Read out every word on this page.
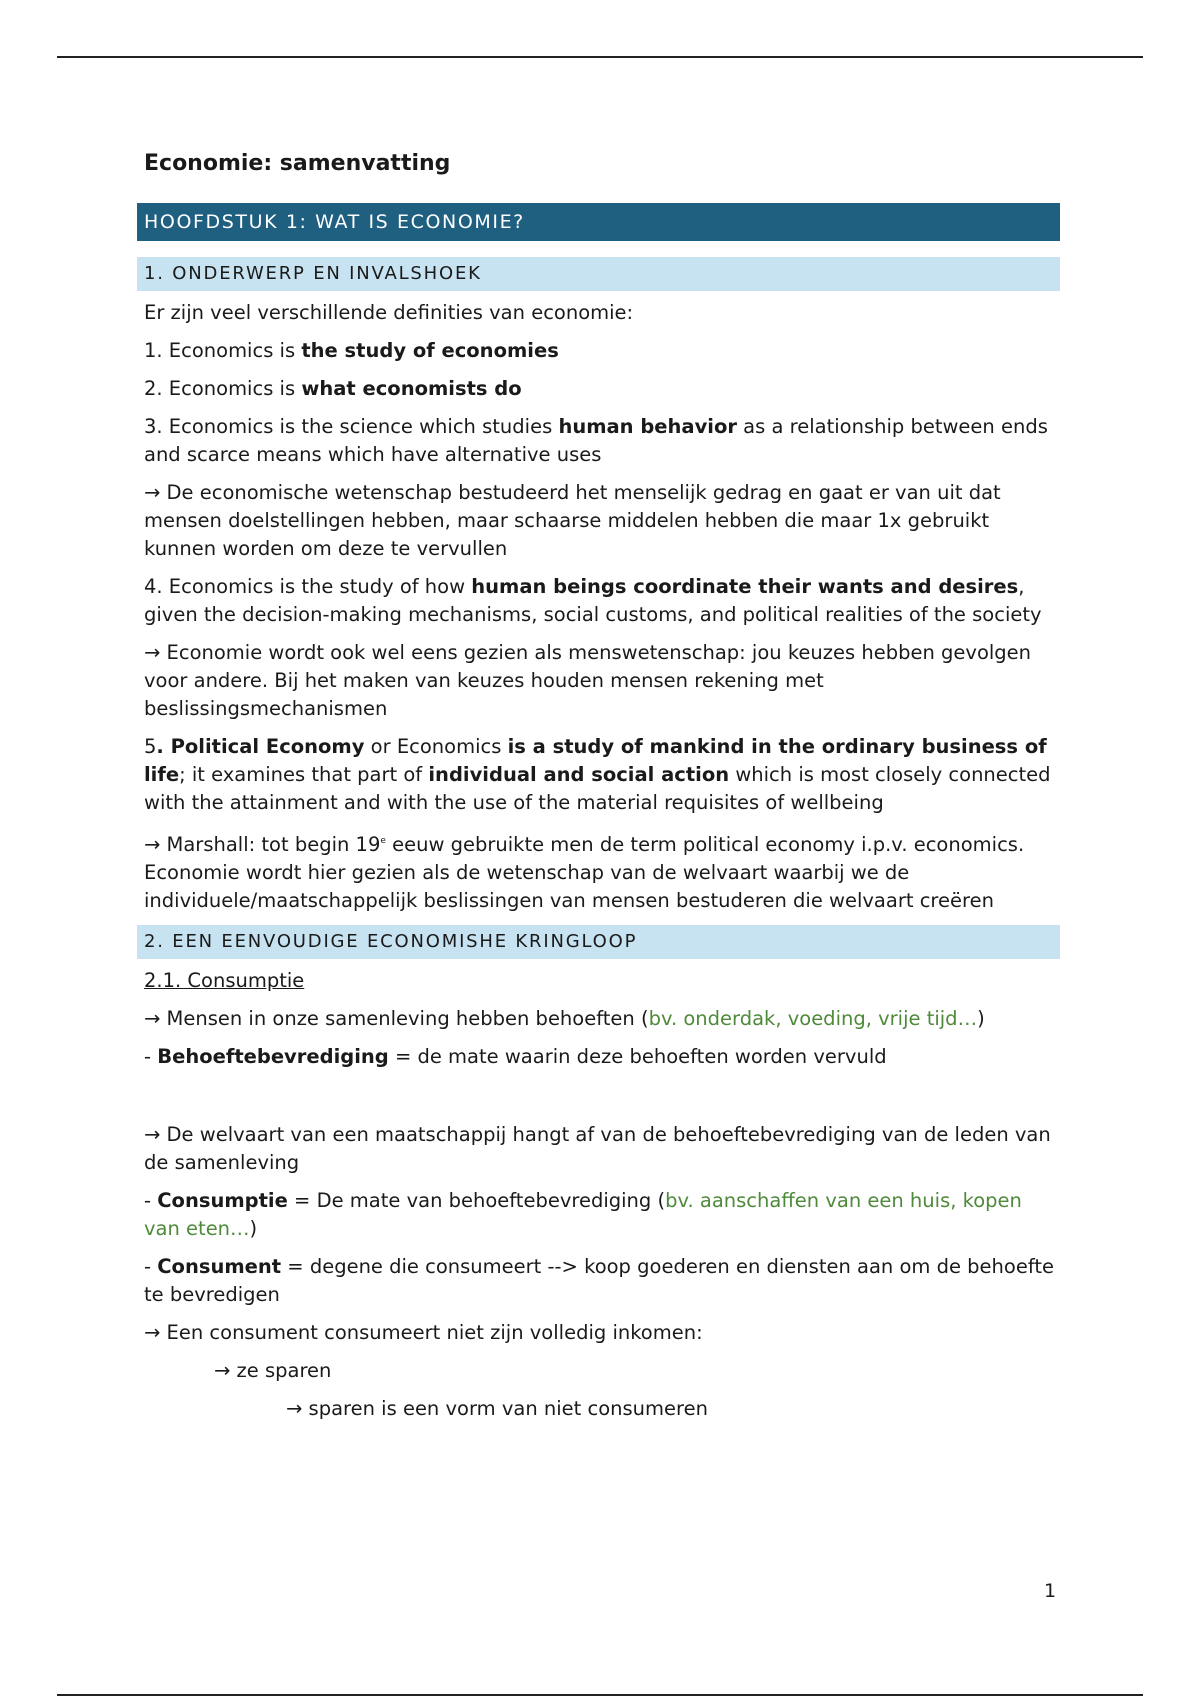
Economie: samenvatting
HOOFDSTUK 1: WAT IS ECONOMIE?
1. ONDERWERP EN INVALSHOEK
Er zijn veel verschillende definities van economie:
1. Economics is the study of economies
2. Economics is what economists do
3. Economics is the science which studies human behavior as a relationship between ends and scarce means which have alternative uses
→ De economische wetenschap bestudeerd het menselijk gedrag en gaat er van uit dat mensen doelstellingen hebben, maar schaarse middelen hebben die maar 1x gebruikt kunnen worden om deze te vervullen
4. Economics is the study of how human beings coordinate their wants and desires, given the decision-making mechanisms, social customs, and political realities of the society
→ Economie wordt ook wel eens gezien als menswetenschap: jou keuzes hebben gevolgen voor andere. Bij het maken van keuzes houden mensen rekening met beslissingsmechanismen
5. Political Economy or Economics is a study of mankind in the ordinary business of life; it examines that part of individual and social action which is most closely connected with the attainment and with the use of the material requisites of wellbeing
→ Marshall: tot begin 19e eeuw gebruikte men de term political economy i.p.v. economics. Economie wordt hier gezien als de wetenschap van de welvaart waarbij we de individuele/maatschappelijk beslissingen van mensen bestuderen die welvaart creëren
2. EEN EENVOUDIGE ECONOMISHE KRINGLOOP
2.1. Consumptie
→ Mensen in onze samenleving hebben behoeften (bv. onderdak, voeding, vrije tijd…)
- Behoeftebevrediging = de mate waarin deze behoeften worden vervuld
→ De welvaart van een maatschappij hangt af van de behoeftebevrediging van de leden van de samenleving
- Consumptie = De mate van behoeftebevrediging (bv. aanschaffen van een huis, kopen van eten…)
- Consument = degene die consumeert --> koop goederen en diensten aan om de behoefte te bevredigen
→ Een consument consumeert niet zijn volledig inkomen:
→ ze sparen
→ sparen is een vorm van niet consumeren
1
